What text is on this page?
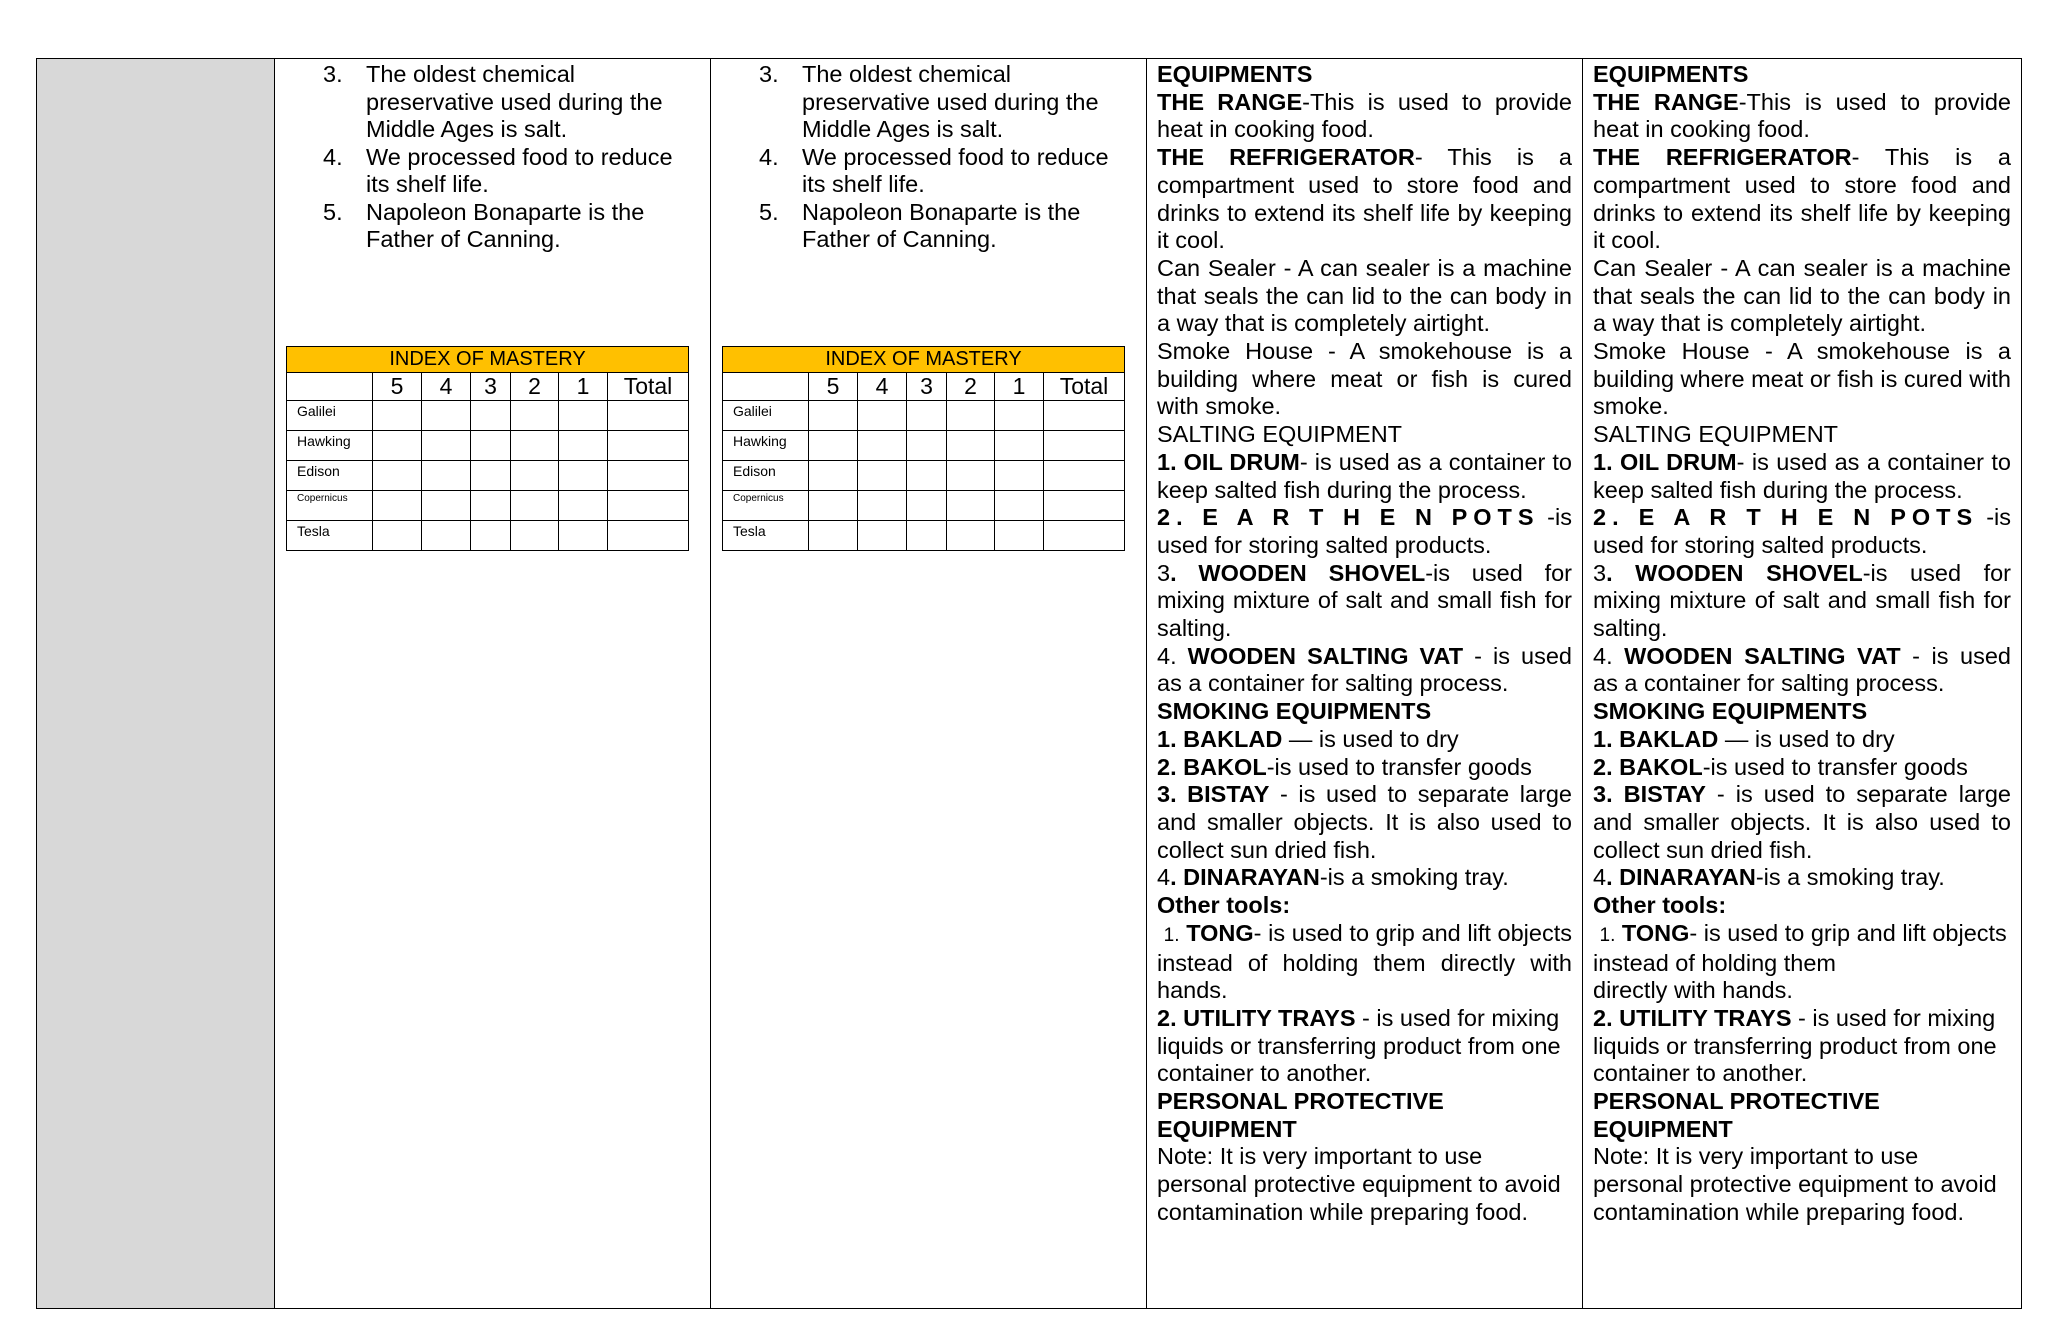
3. The oldest chemical preservative used during the Middle Ages is salt.
4. We processed food to reduce its shelf life.
5. Napoleon Bonaparte is the Father of Canning.
INDEX OF MASTERY						
	5	4	3	2	1	Total
Galilei						
Hawking						
Edison						
Copernicus						
Tesla						
3. The oldest chemical preservative used during the Middle Ages is salt.
4. We processed food to reduce its shelf life.
5. Napoleon Bonaparte is the Father of Canning.
INDEX OF MASTERY						
	5	4	3	2	1	Total
Galilei						
Hawking						
Edison						
Copernicus						
Tesla						

EQUIPMENTS

THE RANGE-This is used to provide heat in cooking food.

THE REFRIGERATOR- This is a compartment used to store food and drinks to extend its shelf life by keeping it cool.

Can Sealer - A can sealer is a machine that seals the can lid to the can body in a way that is completely airtight.

Smoke House - A smokehouse is a building where meat or fish is cured with smoke.

SALTING EQUIPMENT

1. OIL DRUM- is used as a container to keep salted fish during the process.

2. E A R T H E N POTS -is used for storing salted products.

3. WOODEN SHOVEL-is used for mixing mixture of salt and small fish for salting.

4. WOODEN SALTING VAT - is used as a container for salting process.

SMOKING EQUIPMENTS

1. BAKLAD — is used to dry

2. BAKOL-is used to transfer goods

3. BISTAY - is used to separate large and smaller objects. It is also used to collect sun dried fish.

4. DINARAYAN-is a smoking tray.

Other tools:

1. TONG- is used to grip and lift objects instead of holding them directly with hands.

2. UTILITY TRAYS - is used for mixing liquids or transferring product from one container to another.

PERSONAL PROTECTIVE EQUIPMENT

Note: It is very important to use personal protective equipment to avoid contamination while preparing food.

EQUIPMENTS

THE RANGE-This is used to provide heat in cooking food.

THE REFRIGERATOR- This is a compartment used to store food and drinks to extend its shelf life by keeping it cool.

Can Sealer - A can sealer is a machine that seals the can lid to the can body in a way that is completely airtight.

Smoke House - A smokehouse is a building where meat or fish is cured with smoke.

SALTING EQUIPMENT

1. OIL DRUM- is used as a container to keep salted fish during the process.

2. E A R T H E N POTS -is used for storing salted products.

3. WOODEN SHOVEL-is used for mixing mixture of salt and small fish for salting.

4. WOODEN SALTING VAT - is used as a container for salting process.

SMOKING EQUIPMENTS

1. BAKLAD — is used to dry

2. BAKOL-is used to transfer goods

3. BISTAY - is used to separate large and smaller objects. It is also used to collect sun dried fish.

4. DINARAYAN-is a smoking tray.

Other tools:

1. TONG- is used to grip and lift objects instead of holding them
directly with hands.

2. UTILITY TRAYS - is used for mixing liquids or transferring product from one container to another.

PERSONAL PROTECTIVE
EQUIPMENT

Note: It is very important to use personal protective equipment to avoid contamination while preparing food.
